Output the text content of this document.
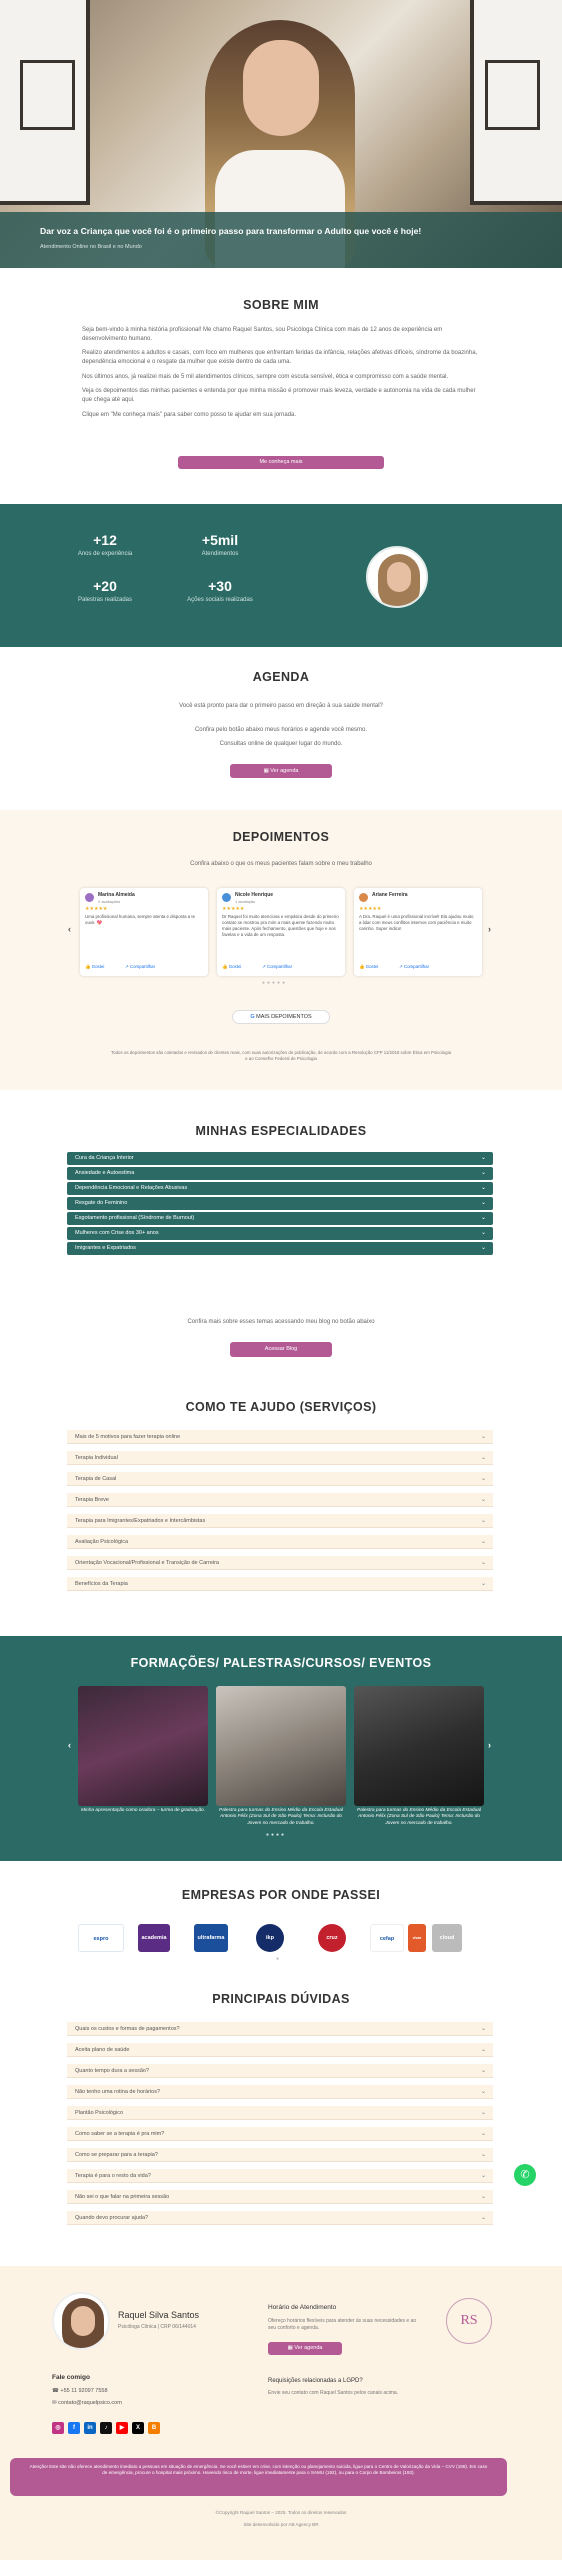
Dar voz a Criança que você foi é o primeiro passo para transformar o Adulto que você é hoje!
Atendimento Online no Brasil e no Mundo
SOBRE MIM

Seja bem-vindo à minha história profissional! Me chamo Raquel Santos, sou Psicóloga Clínica com mais de 12 anos de experiência em desenvolvimento humano.

Realizo atendimentos a adultos e casais, com foco em mulheres que enfrentam feridas da infância, relações afetivas difíceis, síndrome da boazinha, dependência emocional e o resgate da mulher que existe dentro de cada uma.

Nos últimos anos, já realizei mais de 5 mil atendimentos clínicos, sempre com escuta sensível, ética e compromisso com a saúde mental.

Veja os depoimentos das minhas pacientes e entenda por que minha missão é promover mais leveza, verdade e autonomia na vida de cada mulher que chega até aqui.

Clique em "Me conheça mais" para saber como posso te ajudar em sua jornada.

Me conheça mais
+12
Anos de experiência
+5mil
Atendimentos
+20
Palestras realizadas
+30
Ações sociais realizadas
AGENDA
Você está pronto para dar o primeiro passo em direção à sua saúde mental?
Confira pelo botão abaixo meus horários e agende você mesmo.
Consultas online de qualquer lugar do mundo.
▦ Ver agenda
DEPOIMENTOS
Confira abaixo o que os meus pacientes falam sobre o meu trabalho
‹	›
Marina Almeida
2 avaliações
★★★★★
Uma profissional humana, sempre atenta e disposta a te ouvir. 💖
👍 Gostei	↗ Compartilhar
Nicole Henrique
1 avaliação
★★★★★
Dr Raquel foi muito atenciosa e empática desde do primeiro contato se mostrou pra mim a mais quente fazendo muito mais paciente. Após fechamento, questões que hoje e nos favelas e a vida de um resposta.
👍 Gostei	↗ Compartilhar
Ariane Ferreira
★★★★★
A Dra. Raquel é uma profissional incrível! Ela ajudou muito a lidar com meus conflitos internos com paciência e muito carinho. Super indico!
👍 Gostei	↗ Compartilhar
●●●●●
G MAIS DEPOIMENTOS
Todos os depoimentos são coletados e revisados de clientes reais, com suas autorizações de publicação, de acordo com a Resolução CFP 11/2018 sobre Ética em Psicologia e ao Conselho Federal de Psicologia
MINHAS ESPECIALIDADES
Cura da Criança Interior	⌄
Ansiedade e Autoestima	⌄
Dependência Emocional e Relações Abusivas	⌄
Resgate do Feminino	⌄
Esgotamento profissional (Síndrome de Burnout)	⌄
Mulheres com Crise dos 30+ anos	⌄
Imigrantes e Expatriados	⌄
Confira mais sobre esses temas acessando meu blog no botão abaixo
Acessar Blog
COMO TE AJUDO (SERVIÇOS)
Mais de 5 motivos para fazer terapia online	⌄
Terapia Individual	⌄
Terapia de Casal	⌄
Terapia Breve	⌄
Terapia para Imigrantes/Expatriados e Intercâmbistas	⌄
Avaliação Psicológica	⌄
Orientação Vocacional/Profissional e Transição de Carreira	⌄
Benefícios da Terapia	⌄
FORMAÇÕES/ PALESTRAS/CURSOS/ EVENTOS
‹	›
Minha apresentação como oradora – turma de graduação.	Palestra para turmas do Ensino Médio da Escola Estadual Antonio Félix (Zona Sul de São Paulo) Tema: Inclusão do Jovem no mercado de trabalho.
Palestra para turmas do Ensino Médio da Escola Estadual Antonio Félix (Zona Sul de São Paulo) Tema: Inclusão do Jovem no mercado de trabalho.
●●●●
EMPRESAS POR ONDE PASSEI
espro	academia	ultrafarma	ikp	cruz	cefap	vivae	cloud
●
PRINCIPAIS DÚVIDAS
Quais os custos e formas de pagamentos?	⌄
Aceita plano de saúde	⌄
Quanto tempo dura a sessão?	⌄
Não tenho uma rotina de horários?	⌄
Plantão Psicológico	⌄
Como saber se a terapia é pra mim?	⌄
Como se preparar para a terapia?	⌄
Terapia é para o resto da vida?	⌄
Não sei o que falar na primeira sessão	⌄
Quando devo procurar ajuda?	⌄
Raquel Silva Santos
Psicóloga Clínica | CRP 06/144014
Fale comigo
☎ +55 11 92097 7558
✉ contato@raquelpsico.com
◎	f	in	♪	▶	X	B
Horário de Atendimento
Ofereço horários flexíveis para atender às suas necessidades e ao seu conforto e agenda.
▦ Ver agenda
Requisições relacionadas a LGPD?
Envie seu contato com Raquel Santos pelos canais acima.
RS
Atenção! Este site não oferece atendimento imediato a pessoas em situação de emergência. Se você estiver em crise, com intenção ou planejamento suicida, ligue para o Centro de Valorização da Vida – CVV (188). Em caso de emergência, procure o hospital mais próximo. Havendo risco de morte, ligue imediatamente para o SAMU (192), ou para o Corpo de Bombeiros (193).
©Copyright Raquel Santos – 2025. Todos os direitos reservados
Site desenvolvido por AB Agency BR
✆
